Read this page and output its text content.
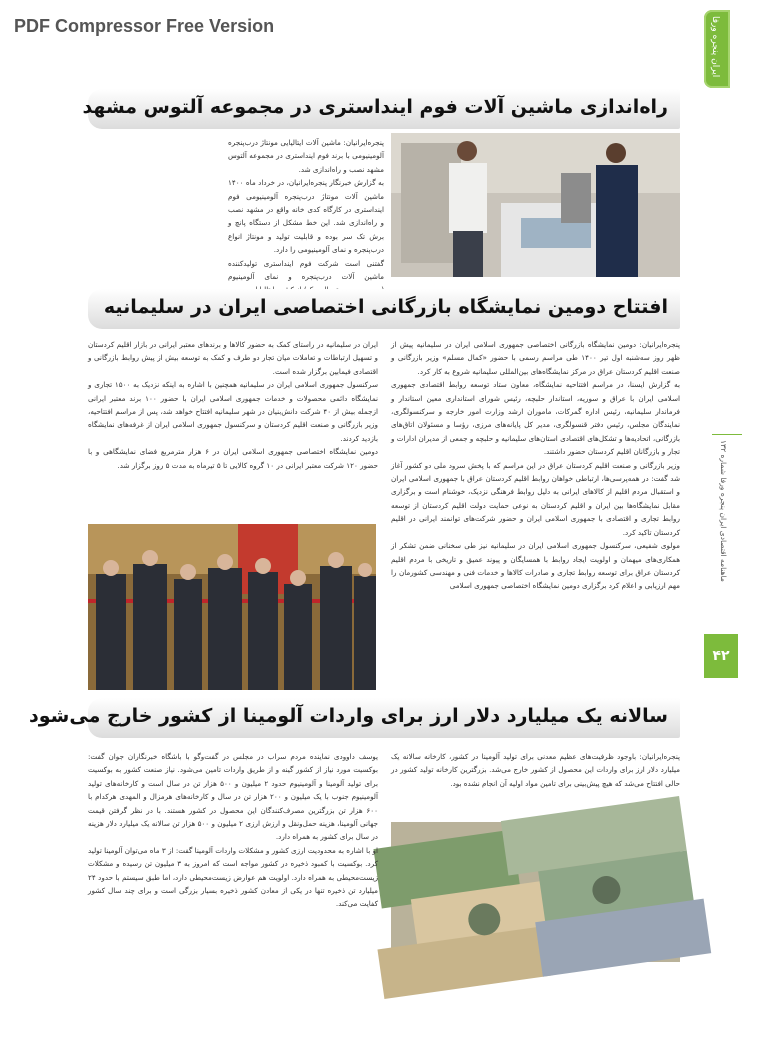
PDF Compressor Free Version	ایران پنجره ورفا
ماهنامه اقتصادی ایران پنجره ورفا شماره ۱۳۲
۴۲
راه‌اندازی ماشین آلات فوم اینداستری در مجموعه آلتوس مشهد

پنجره‌ایرانیان: ماشین آلات ایتالیایی مونتاژ درب‌پنجره آلومینیومی با برند فوم اینداستری در مجموعه آلتوس مشهد نصب و راه‌اندازی شد.

به گزارش خبرنگار پنجره‌ایرانیان، در خرداد ماه ۱۴۰۰ ماشین آلات مونتاژ درب‌پنجره آلومینیومی فوم اینداستری در کارگاه کدی خانه واقع در مشهد نصب و راه‌اندازی شد. این خط مشکل از دستگاه پانچ و برش تک سر بوده و قابلیت تولید و مونتاژ انواع درب‌پنجره و نمای آلومینیومی را دارد.

گفتنی است شرکت فوم اینداستری تولیدکننده ماشین آلات درب‌پنجره و نمای آلومینیوم

افتتاح دومین نمایشگاه بازرگانی اختصاصی ایران در سلیمانیه

پنجره‌ایرانیان: دومین نمایشگاه بازرگانی اختصاصی جمهوری اسلامی ایران در سلیمانیه پیش از ظهر روز سه‌شنبه اول تیر ۱۴۰۰ طی مراسم رسمی با حضور «کمال مسلم» وزیر بازرگانی و صنعت اقلیم کردستان عراق در مرکز نمایشگاه‌های بین‌المللی سلیمانیه شروع به کار کرد.

به گزارش ایسنا، در مراسم افتتاحیه نمایشگاه، معاون ستاد توسعه روابط اقتصادی جمهوری اسلامی ایران با عراق و سوریه، استاندار حلبچه، رئیس شورای استانداری معین استاندار و فرماندار سلیمانیه، رئیس اداره گمرکات، ماموران ارشد وزارت امور خارجه و سرکنسولگری، نمایندگان مجلس، رئیس دفتر قنسولگری، مدیر کل پایانه‌های مرزی، رؤسا و مسئولان اتاق‌های بازرگانی، اتحادیه‌ها و تشکل‌های اقتصادی استان‌های سلیمانیه و حلبچه و جمعی از مدیران ادارات و تجار و بازرگانان اقلیم کردستان حضور داشتند.

وزیر بازرگانی و صنعت اقلیم کردستان عراق در این مراسم که با پخش سرود ملی دو کشور آغاز شد گفت: در همه‌پرسی‌ها، ارتباطی خواهان روابط اقلیم کردستان عراق با جمهوری اسلامی ایران و استقبال مردم اقلیم از کالاهای ایرانی به دلیل روابط فرهنگی نزدیک، خوشنام است و برگزاری مقابل نمایشگاه‌ها بین ایران و اقلیم کردستان به نوعی حمایت دولت اقلیم کردستان از توسعه روابط تجاری و اقتصادی با جمهوری اسلامی ایران و حضور شرکت‌های توانمند ایرانی در اقلیم کردستان تاکید کرد.

مولوی شفیعی، سرکنسول جمهوری اسلامی ایران در سلیمانیه نیز طی سخنانی ضمن تشکر از همکاری‌های میهمان و اولویت ایجاد روابط با همسایگان و پیوند عمیق و تاریخی با مردم اقلیم کردستان عراق برای توسعه روابط تجاری و صادرات کالاها و خدمات فنی و مهندسی کشورمان را مهم ارزیابی و اعلام کرد برگزاری دومین نمایشگاه اختصاصی جمهوری اسلامی

ایران در سلیمانیه در راستای کمک به حضور کالاها و برندهای معتبر ایرانی در بازار اقلیم کردستان و تسهیل ارتباطات و تعاملات میان تجار دو طرف و کمک به توسعه بیش از پیش روابط بازرگانی و اقتصادی فیمابین برگزار شده است.

سرکنسول جمهوری اسلامی ایران در سلیمانیه همچنین با اشاره به اینکه نزدیک به ۱۵۰۰ تجاری و نمایشگاه دائمی محصولات و خدمات جمهوری اسلامی ایران با حضور ۱۰۰ برند معتبر ایرانی ازجمله بیش از ۴۰ شرکت دانش‌بنیان در شهر سلیمانیه افتتاح خواهد شد، پس از مراسم افتتاحیه، وزیر بازرگانی و صنعت اقلیم کردستان و سرکنسول جمهوری اسلامی ایران از غرفه‌های نمایشگاه بازدید کردند.

دومین نمایشگاه اختصاصی جمهوری اسلامی ایران در ۶ هزار مترمربع فضای نمایشگاهی و با حضور ۱۲۰ شرکت معتبر ایرانی در ۱۰ گروه کالایی تا ۵ تیرماه به مدت ۵ روز برگزار شد.

سالانه یک میلیارد دلار ارز برای واردات آلومینا از کشور خارج می‌شود

پنجره‌ایرانیان: باوجود ظرفیت‌های عظیم معدنی برای تولید آلومینا در کشور، کارخانه سالانه یک میلیارد دلار ارز برای واردات این محصول از کشور خارج می‌شد. بزرگترین کارخانه تولید کشور در حالی افتتاح می‌شد که هیچ پیش‌بینی برای تامین مواد اولیه آن انجام نشده بود.

یوسف داوودی نماینده مردم سراب در مجلس در گفت‌وگو با باشگاه خبرنگاران جوان گفت: بوکسیت مورد نیاز از کشور گینه و از طریق واردات تامین می‌شود. نیاز صنعت کشور به بوکسیت برای تولید آلومینا و آلومینیوم حدود ۲ میلیون و ۵۰۰ هزار تن در سال است و کارخانه‌های تولید آلومینیوم جنوب با یک میلیون و ۲۰۰ هزار تن در سال و کارخانه‌های هرمزال و المهدی هرکدام با ۶۰۰ هزار تن بزرگترین مصرف‌کنندگان این محصول در کشور هستند. با در نظر گرفتن قیمت جهانی آلومینا، هزینه حمل‌ونقل و ارزش ارزی ۲ میلیون و ۵۰۰ هزار تن سالانه یک میلیارد دلار هزینه در سال برای کشور به همراه دارد.

او با اشاره به محدودیت ارزی کشور و مشکلات واردات آلومینا گفت: از ۳ ماه می‌توان آلومینا تولید کرد. بوکسیت با کمبود ذخیره در کشور مواجه است که امروز به ۳ میلیون تن رسیده و مشکلات زیست‌محیطی به همراه دارد. اولویت هم عوارض زیست‌محیطی دارد، اما طبق سیستم با حدود ۲۴ میلیارد تن ذخیره تنها در یکی از معادن کشور ذخیره بسیار بزرگی است و برای چند سال کشور کفایت می‌کند.
